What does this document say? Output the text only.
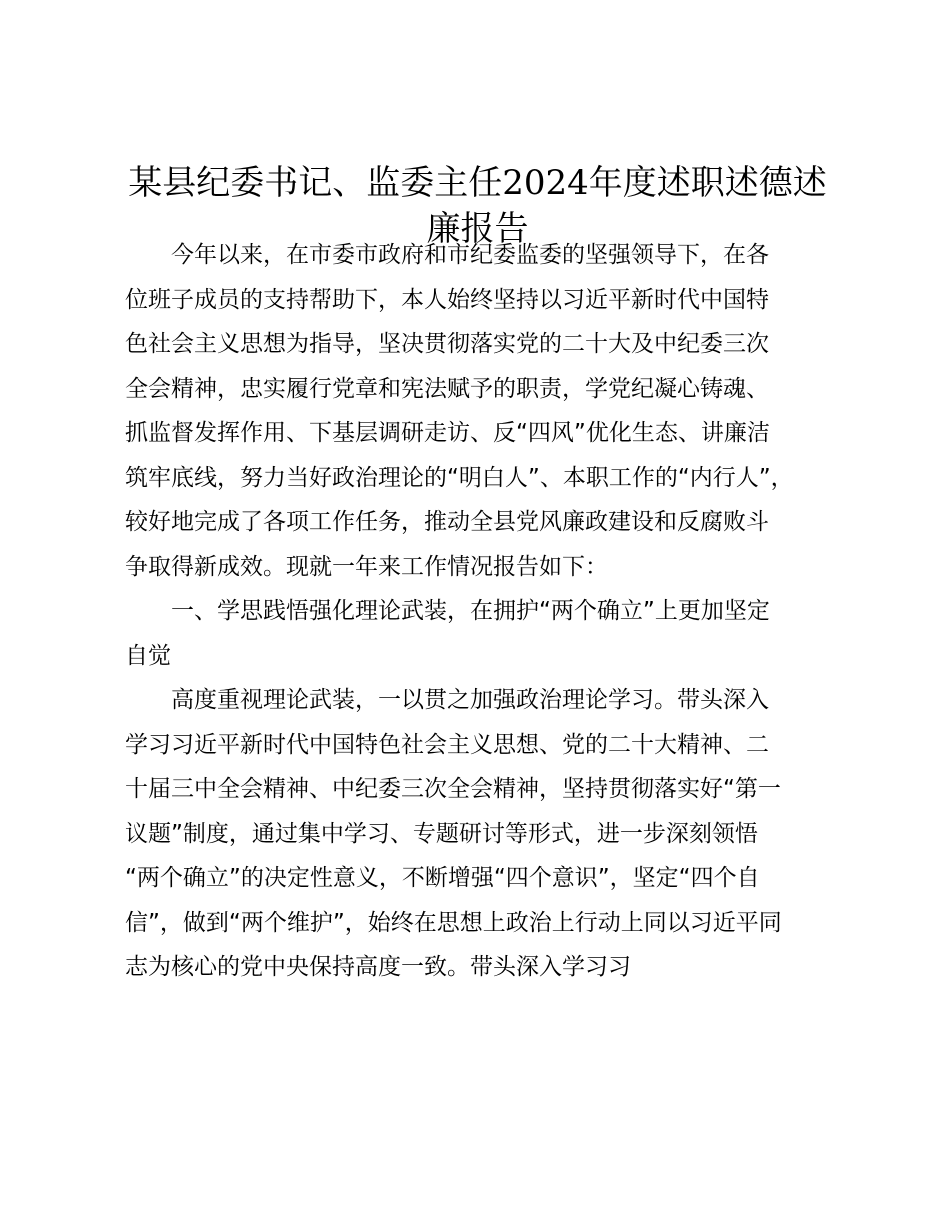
某县纪委书记、监委主任2024年度述职述德述
廉报告
今年以来，在市委市政府和市纪委监委的坚强领导下，在各
位班子成员的支持帮助下，本人始终坚持以习近平新时代中国特
色社会主义思想为指导，坚决贯彻落实党的二十大及中纪委三次
全会精神，忠实履行党章和宪法赋予的职责，学党纪凝心铸魂、
抓监督发挥作用、下基层调研走访、反“四风”优化生态、讲廉洁
筑牢底线，努力当好政治理论的“明白人”、本职工作的“内行人”，
较好地完成了各项工作任务，推动全县党风廉政建设和反腐败斗
争取得新成效。现就一年来工作情况报告如下：
一、学思践悟强化理论武装，在拥护“两个确立”上更加坚定
自觉
高度重视理论武装，一以贯之加强政治理论学习。带头深入
学习习近平新时代中国特色社会主义思想、党的二十大精神、二
十届三中全会精神、中纪委三次全会精神，坚持贯彻落实好“第一
议题”制度，通过集中学习、专题研讨等形式，进一步深刻领悟
“两个确立”的决定性意义，不断增强“四个意识”，坚定“四个自
信”，做到“两个维护”，始终在思想上政治上行动上同以习近平同
志为核心的党中央保持高度一致。带头深入学习习
